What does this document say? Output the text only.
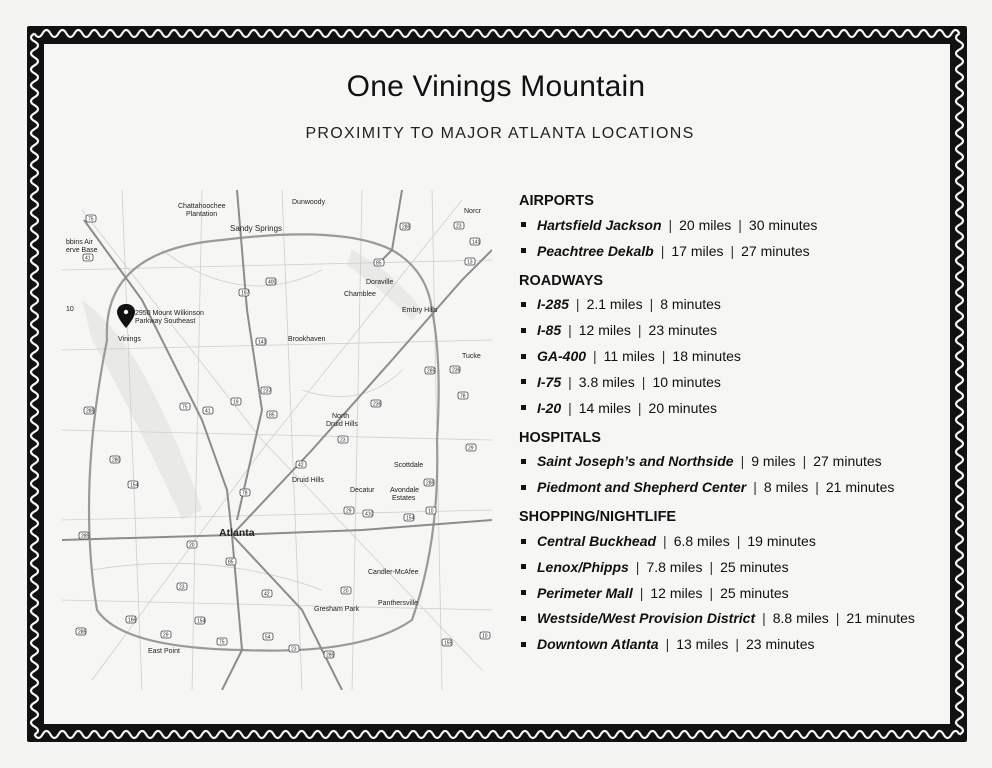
One Vinings Mountain
PROXIMITY TO MAJOR ATLANTA LOCATIONS
75
41
285	23
141
13
85
400
197
141
285	236
78
237
19
75
41
85
285
236
23
29
280
42
154
78
29	410	10
154
285
285
20
85
23
42	20
166	154
29	54
285
75
23
285
155
10
Chattahoochee
Plantation
Dunwoody
Sandy Springs
Norcr
bbins Air
erve Base
Doraville
Chamblee
Embry Hills
10
2950 Mount Wilkinson
Parkway Southeast
Vinings	Brookhaven
Tucke
North
Druid Hills
Scottdale
Druid Hills
Decatur Avondale
Estates
Atlanta
Candler-McAfee
Gresham Park
Panthersville
East Point
AIRPORTS
Hartsfield Jackson | 20 miles | 30 minutes
Peachtree Dekalb | 17 miles | 27 minutes
ROADWAYS
I-285 | 2.1 miles | 8 minutes
I-85 | 12 miles | 23 minutes
GA-400 | 11 miles | 18 minutes
I-75 | 3.8 miles | 10 minutes
I-20 | 14 miles | 20 minutes
HOSPITALS
Saint Joseph’s and Northside | 9 miles | 27 minutes
Piedmont and Shepherd Center | 8 miles | 21 minutes
SHOPPING/NIGHTLIFE
Central Buckhead | 6.8 miles | 19 minutes
Lenox/Phipps | 7.8 miles | 25 minutes
Perimeter Mall | 12 miles | 25 minutes
Westside/West Provision District | 8.8 miles | 21 minutes
Downtown Atlanta | 13 miles | 23 minutes
